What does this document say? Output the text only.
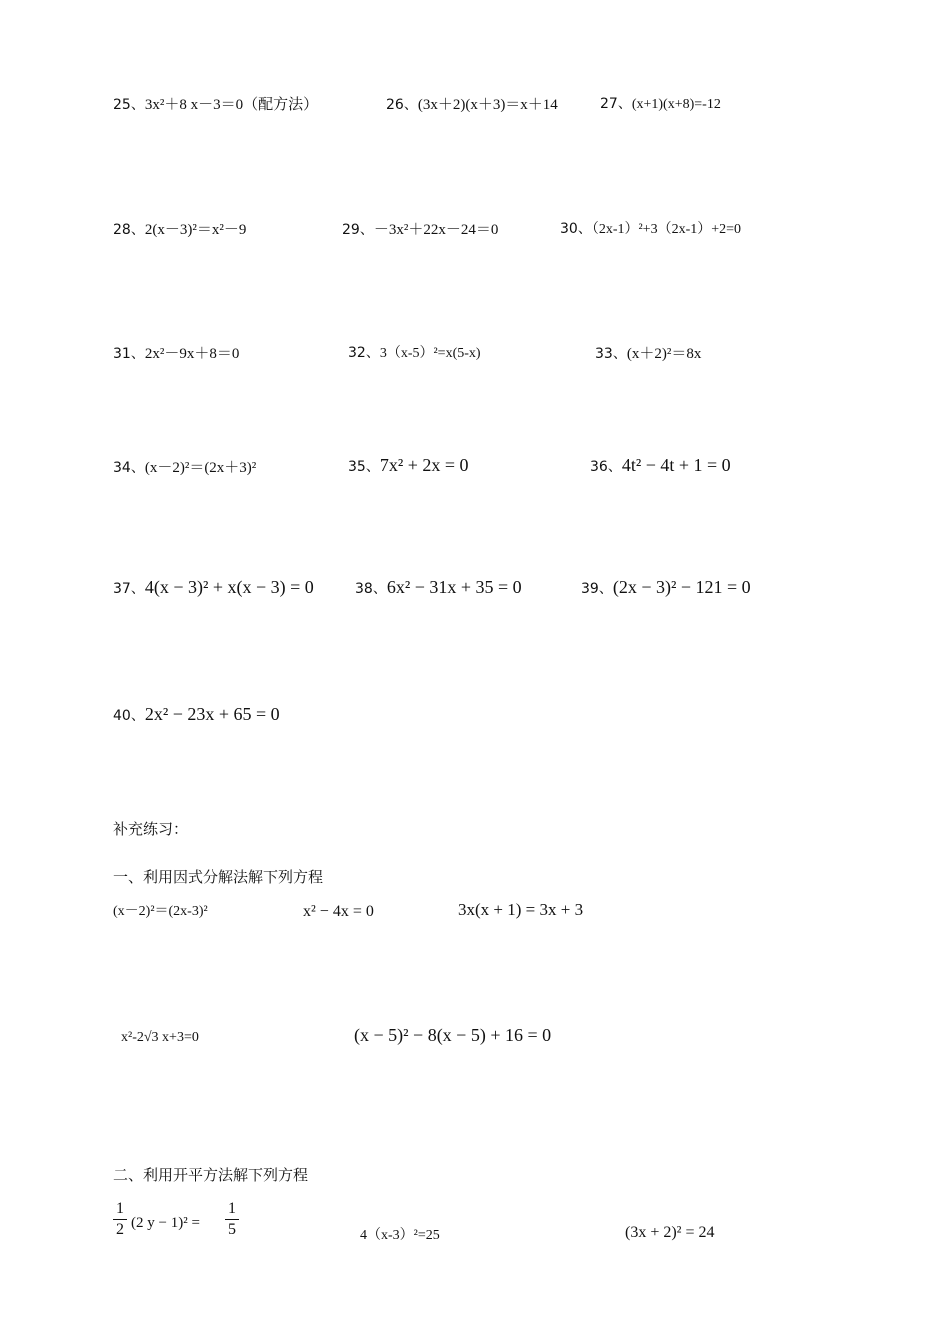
25、3x²＋8 x－3＝0（配方法）	26、(3x＋2)(x＋3)＝x＋14	27、(x+1)(x+8)=-12
28、2(x－3)²＝x²－9	29、－3x²＋22x－24＝0	30、（2x-1）²+3（2x-1）+2=0
31、2x²－9x＋8＝0	32、3（x-5）²=x(5-x)	33、(x＋2)²＝8x
34、(x－2)²＝(2x＋3)²	35、7x² + 2x = 0	36、4t² − 4t + 1 = 0
37、4(x − 3)² + x(x − 3) = 0	38、6x² − 31x + 35 = 0	39、(2x − 3)² − 121 = 0
40、2x² − 23x + 65 = 0
补充练习：
一、利用因式分解法解下列方程
(x－2)²＝(2x-3)²	x² − 4x = 0	3x(x + 1) = 3x + 3
x²-2√3 x+3=0	(x − 5)² − 8(x − 5) + 16 = 0
二、利用开平方法解下列方程
1
2 (2 y − 1)² =
1
5	4（x-3）²=25	(3x + 2)² = 24
